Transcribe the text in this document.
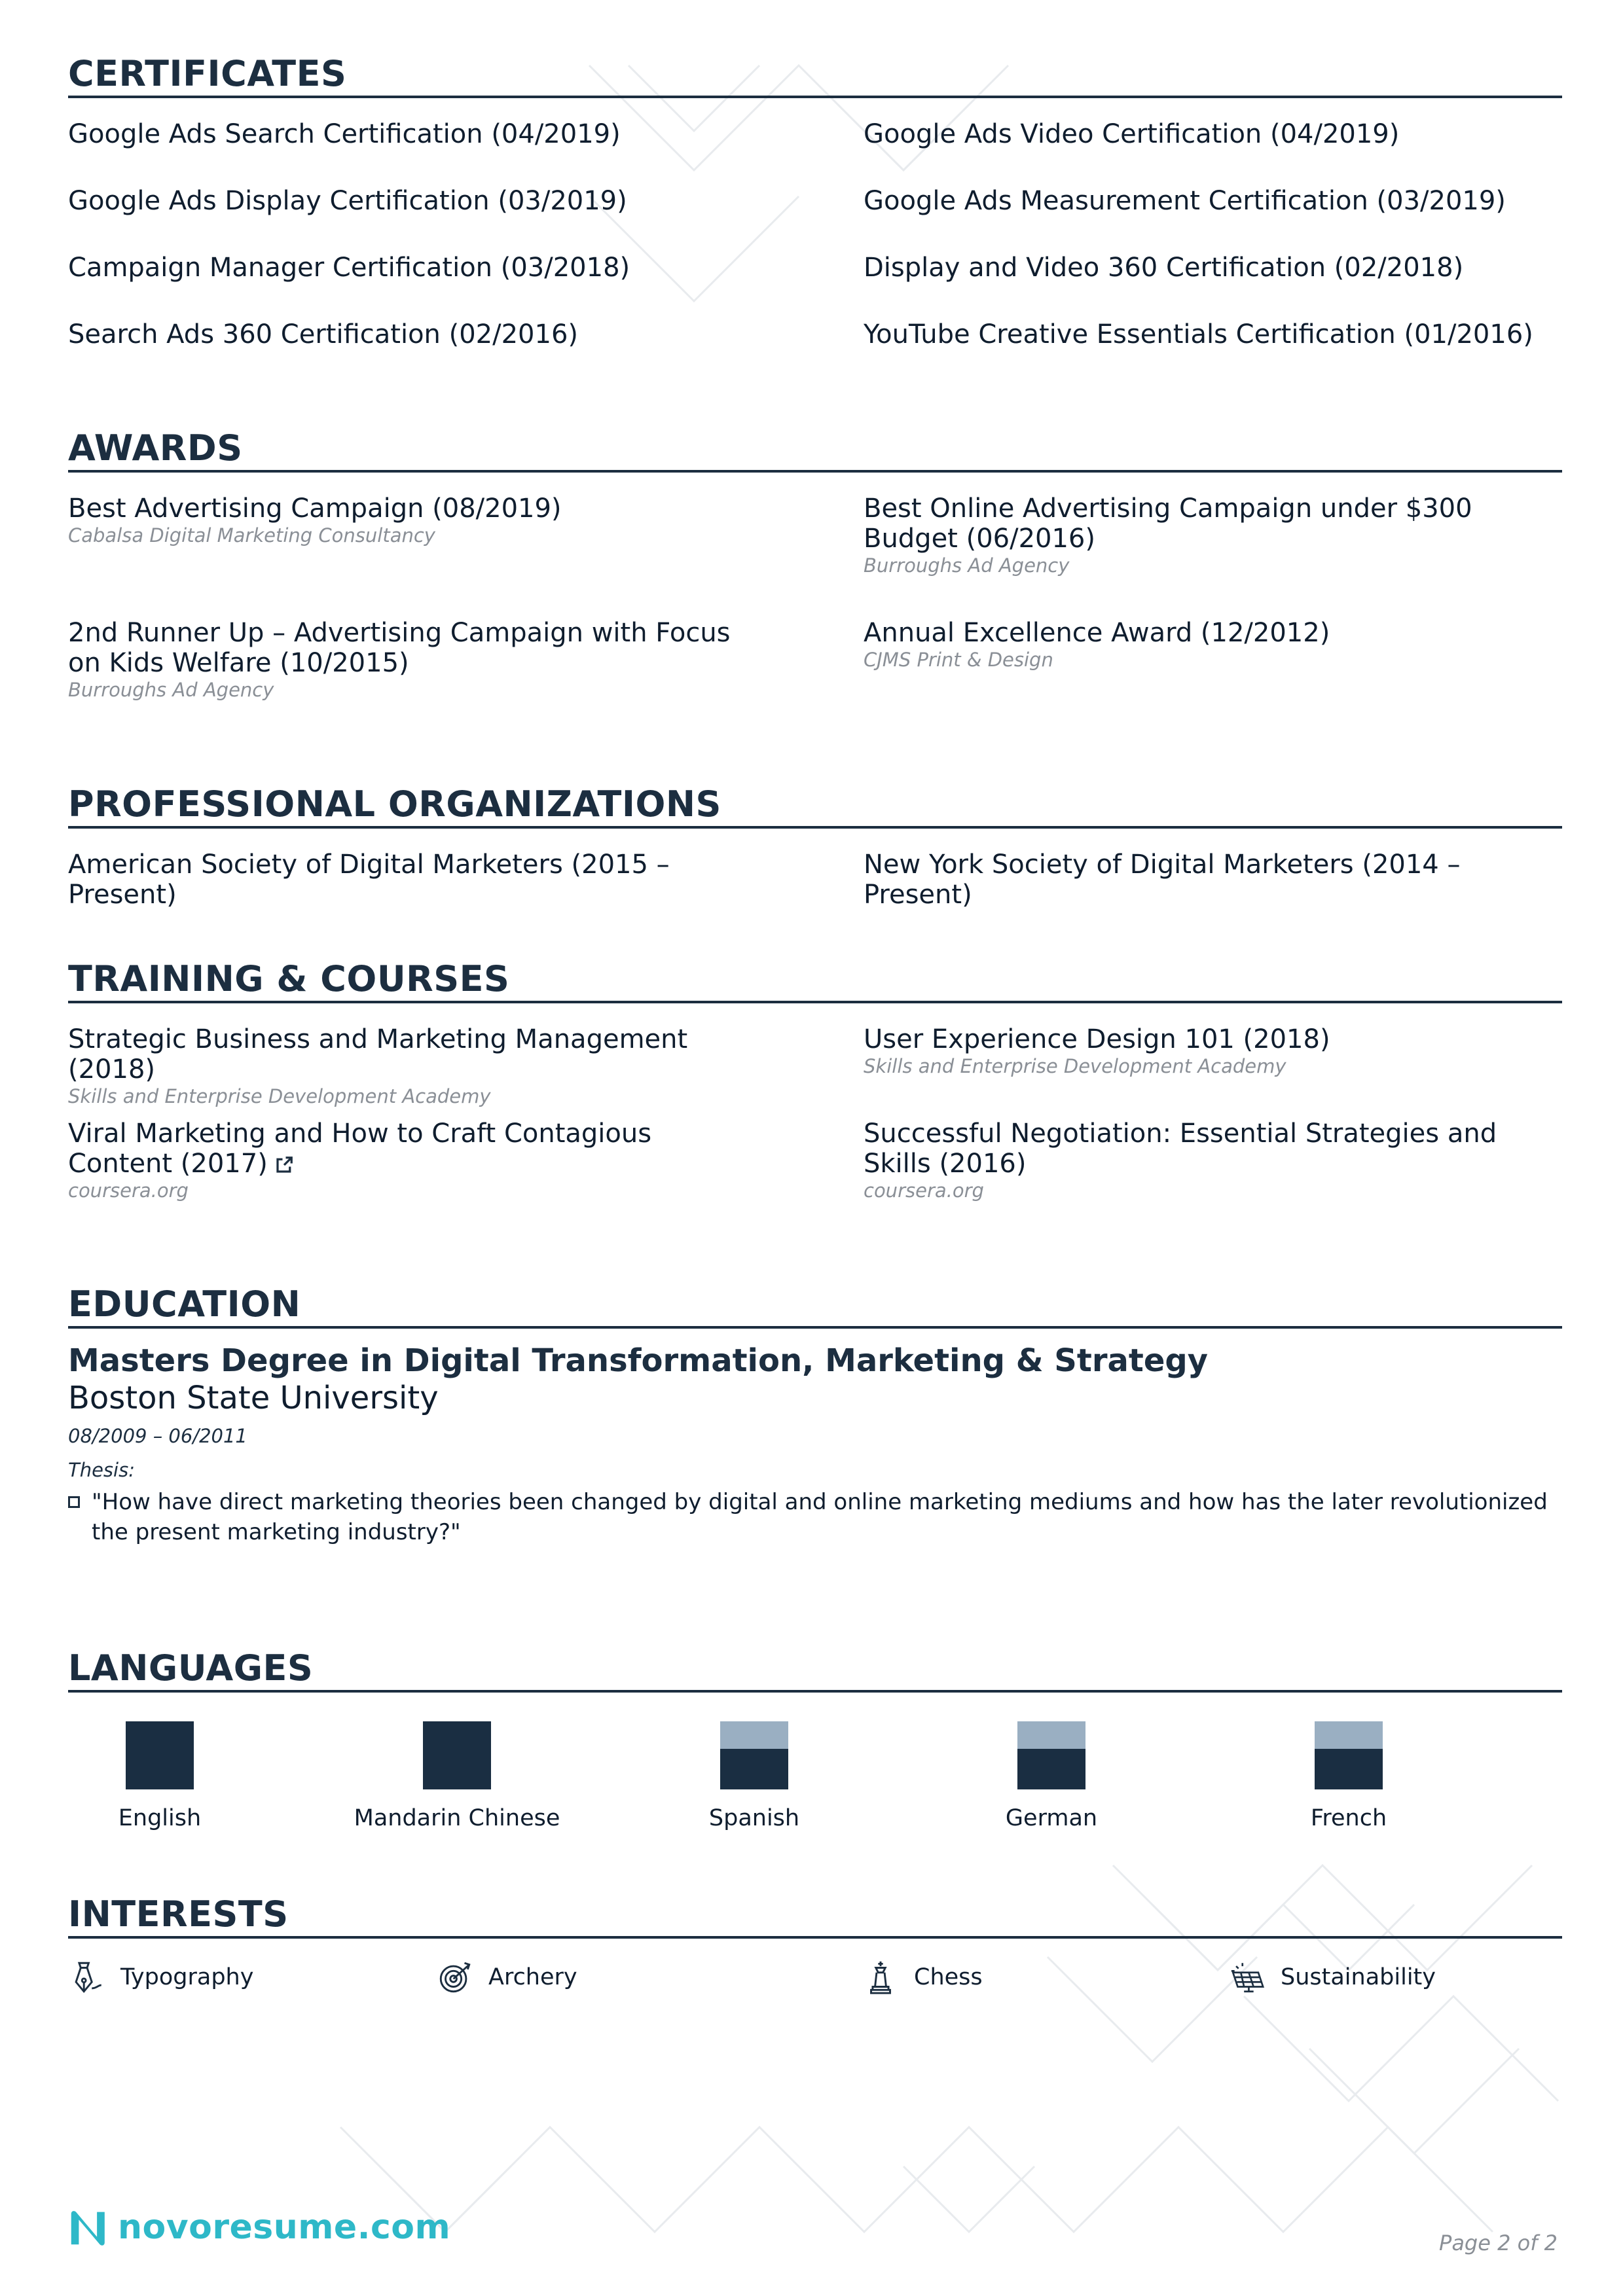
CERTIFICATES
Google Ads Search Certification (04/2019)	Google Ads Video Certification (04/2019)
Google Ads Display Certification (03/2019)	Google Ads Measurement Certification (03/2019)
Campaign Manager Certification (03/2018)	Display and Video 360 Certification (02/2018)
Search Ads 360 Certification (02/2016)	YouTube Creative Essentials Certification (01/2016)
AWARDS
Best Advertising Campaign (08/2019)
Cabalsa Digital Marketing Consultancy
Best Online Advertising Campaign under $300 Budget (06/2016)
Burroughs Ad Agency
2nd Runner Up – Advertising Campaign with Focus on Kids Welfare (10/2015)
Burroughs Ad Agency
Annual Excellence Award (12/2012)
CJMS Print & Design
PROFESSIONAL ORGANIZATIONS
American Society of Digital Marketers (2015 – Present)
New York Society of Digital Marketers (2014 – Present)
TRAINING & COURSES
Strategic Business and Marketing Management (2018)
Skills and Enterprise Development Academy
User Experience Design 101 (2018)
Skills and Enterprise Development Academy
Viral Marketing and How to Craft Contagious Content (2017)
coursera.org
Successful Negotiation: Essential Strategies and Skills (2016)
coursera.org
EDUCATION
Masters Degree in Digital Transformation, Marketing & Strategy
Boston State University
08/2009 – 06/2011
Thesis:
"How have direct marketing theories been changed by digital and online marketing mediums and how has the later revolutionized the present marketing industry?"
LANGUAGES
English	Mandarin Chinese	Spanish	German	French
INTERESTS
Typography	Archery	Chess	Sustainability
novoresume.com	Page 2 of 2
